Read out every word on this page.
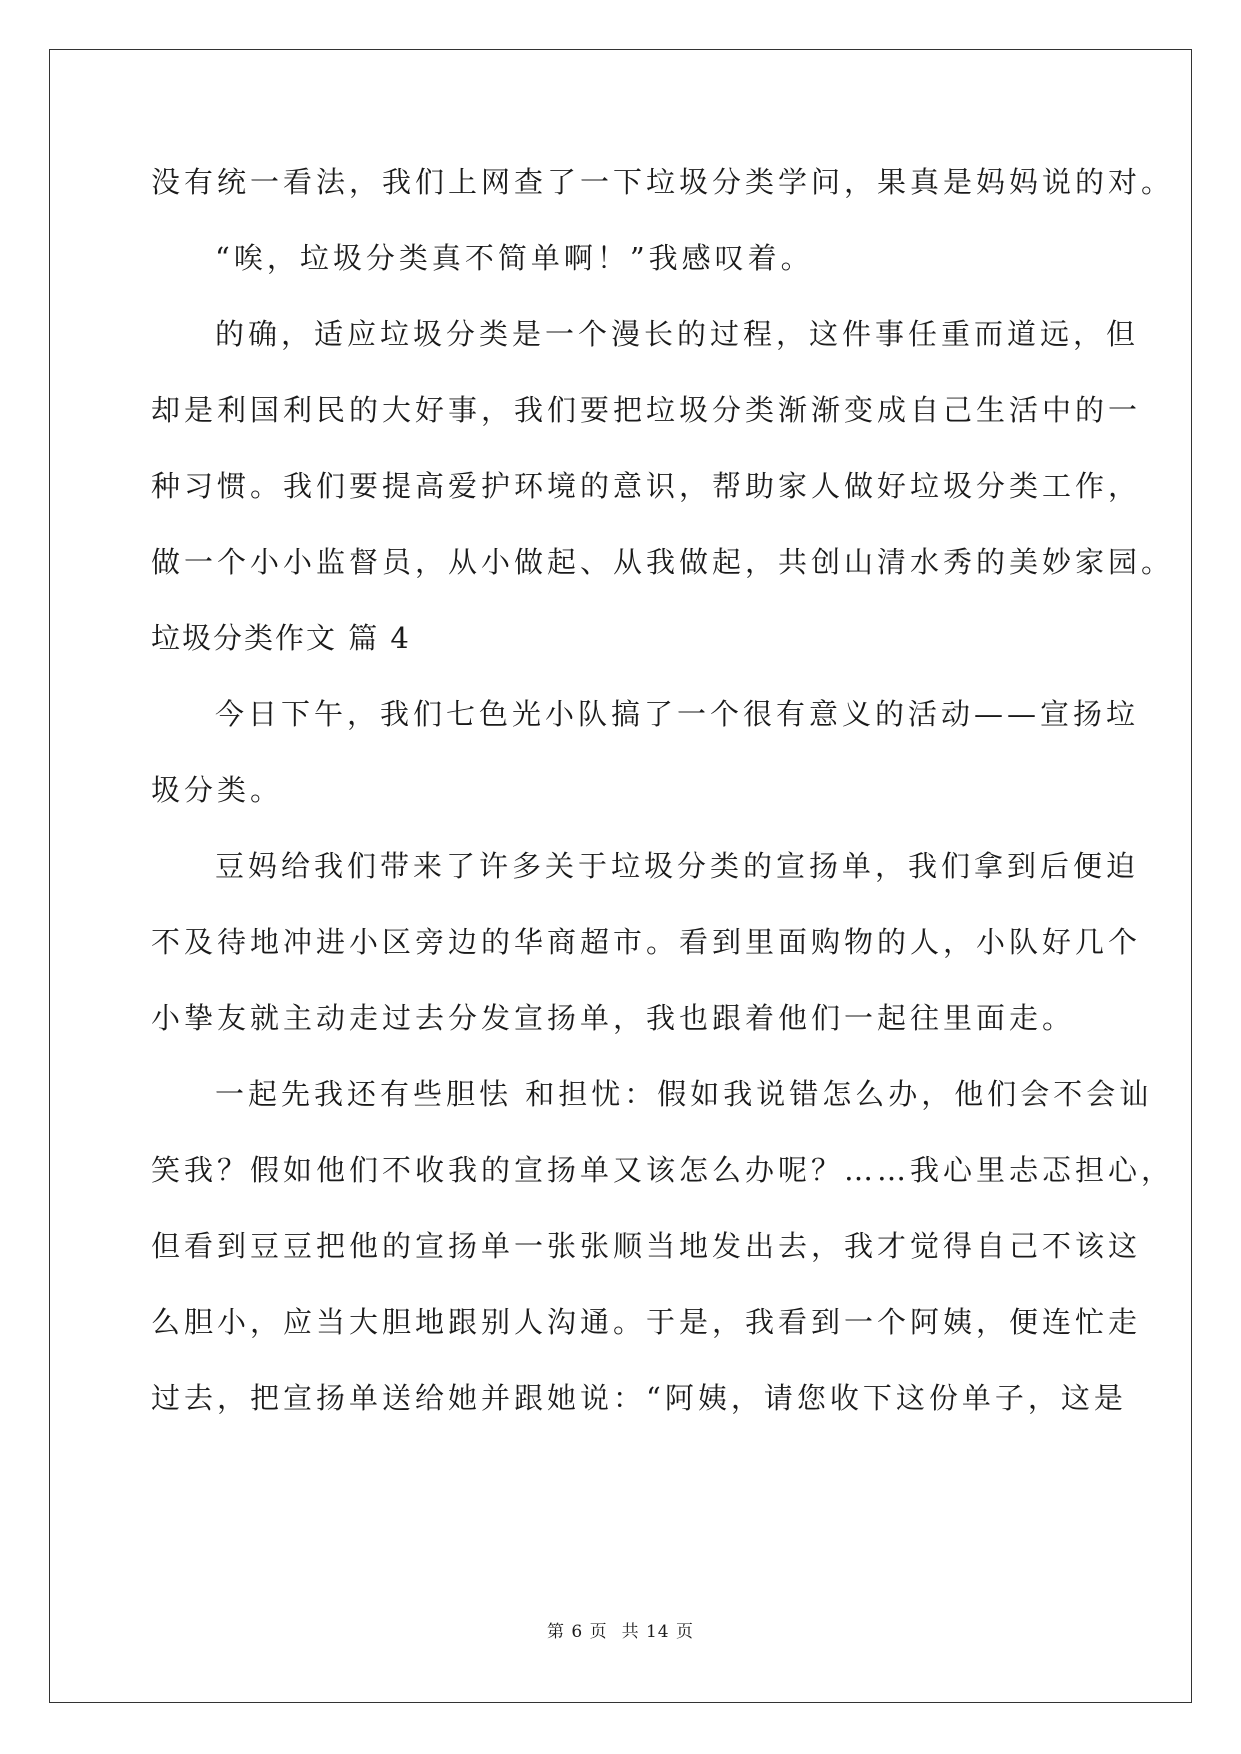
没有统一看法，我们上网查了一下垃圾分类学问，果真是妈妈说的对。
“唉，垃圾分类真不简单啊！”我感叹着。
的确，适应垃圾分类是一个漫长的过程，这件事任重而道远，但
却是利国利民的大好事，我们要把垃圾分类渐渐变成自己生活中的一
种习惯。我们要提高爱护环境的意识，帮助家人做好垃圾分类工作，
做一个小小监督员，从小做起、从我做起，共创山清水秀的美妙家园。
垃圾分类作文 篇 4
今日下午，我们七色光小队搞了一个很有意义的活动——宣扬垃
圾分类。
豆妈给我们带来了许多关于垃圾分类的宣扬单，我们拿到后便迫
不及待地冲进小区旁边的华商超市。看到里面购物的人，小队好几个
小挚友就主动走过去分发宣扬单，我也跟着他们一起往里面走。
一起先我还有些胆怯 和担忧：假如我说错怎么办，他们会不会讪
笑我？假如他们不收我的宣扬单又该怎么办呢？……我心里忐忑担心，
但看到豆豆把他的宣扬单一张张顺当地发出去，我才觉得自己不该这
么胆小，应当大胆地跟别人沟通。于是，我看到一个阿姨，便连忙走
过去，把宣扬单送给她并跟她说：“阿姨，请您收下这份单子，这是
第 6 页 共 14 页
